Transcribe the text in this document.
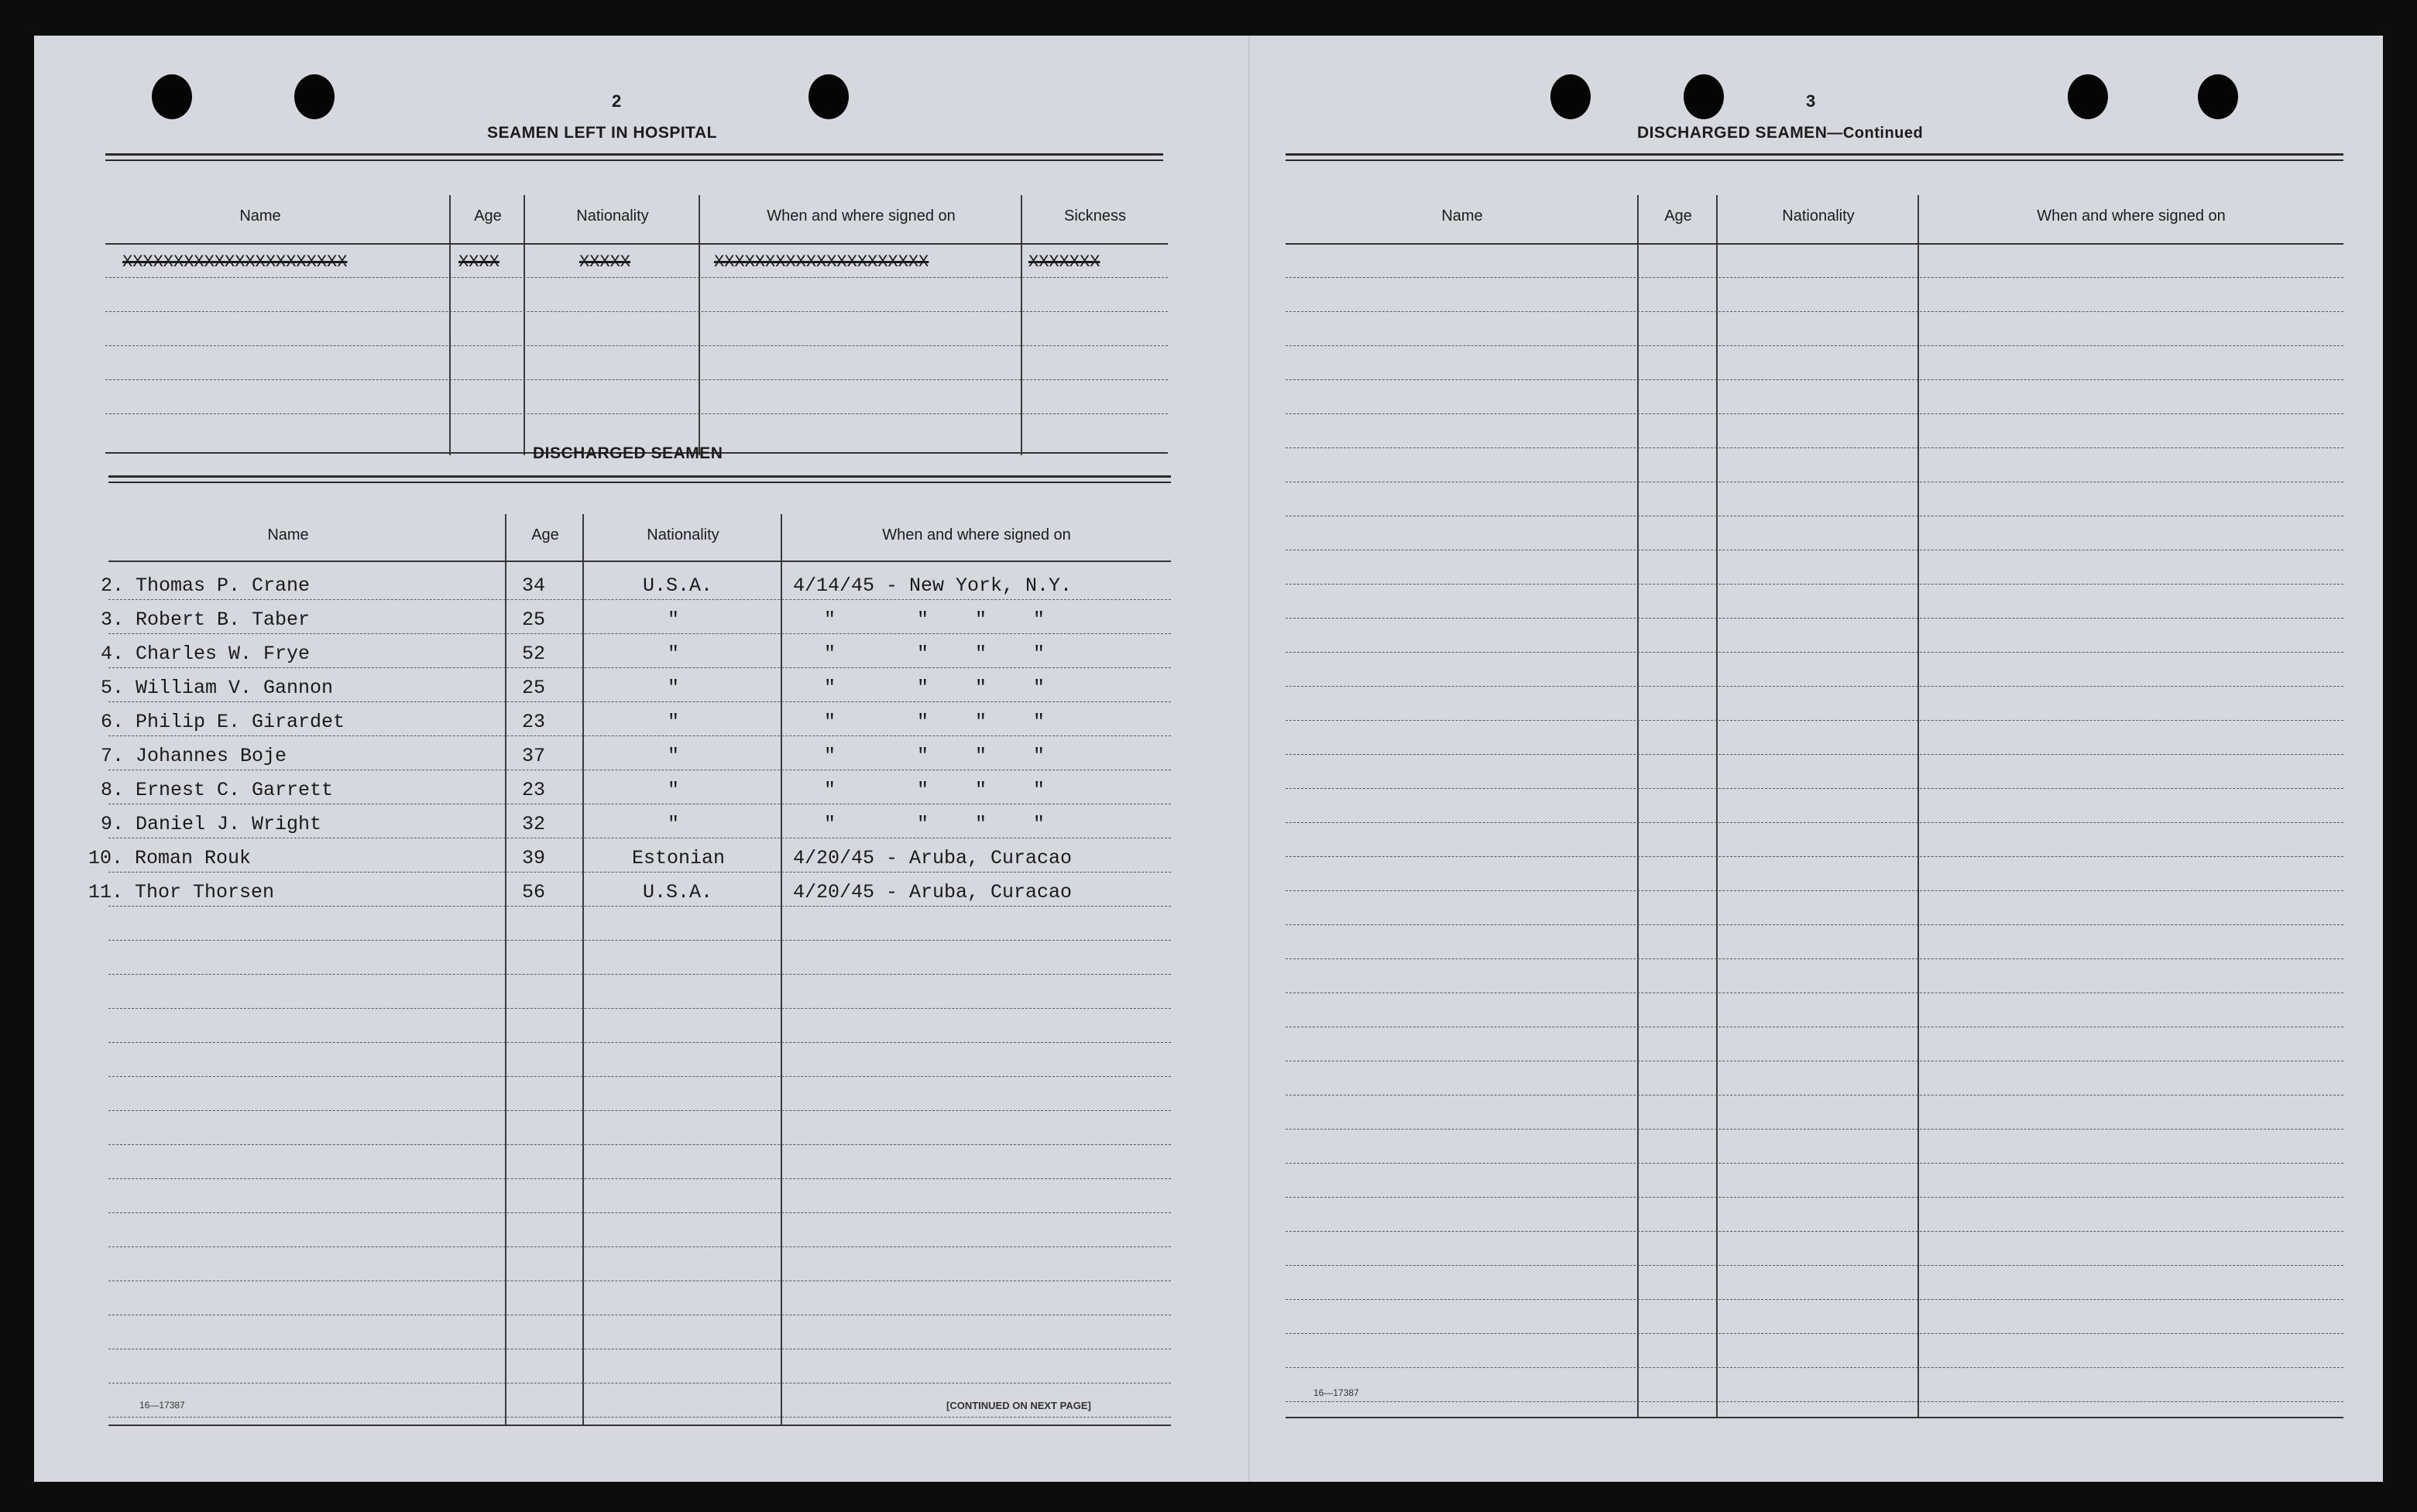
2
SEAMEN LEFT IN HOSPITAL
Name	Age	Nationality	When and where signed on	Sickness
XXXXXXXXXXXXXXXXXXXXXX	XXXX	XXXXX	XXXXXXXXXXXXXXXXXXXXX	XXXXXXX
DISCHARGED SEAMEN
Name	Age	Nationality	When and where signed on
2. Thomas P. Crane	34	U.S.A.	4/14/45 - New York, N.Y.
3. Robert B. Taber	25	"	"       "    "    "
4. Charles W. Frye	52	"	"       "    "    "
5. William V. Gannon	25	"	"       "    "    "
6. Philip E. Girardet	23	"	"       "    "    "
7. Johannes Boje	37	"	"       "    "    "
8. Ernest C. Garrett	23	"	"       "    "    "
9. Daniel J. Wright	32	"	"       "    "    "
10. Roman Rouk	39	Estonian	4/20/45 - Aruba, Curacao
11. Thor Thorsen	56	U.S.A.	4/20/45 - Aruba, Curacao
16—17387	[CONTINUED ON NEXT PAGE]
3
DISCHARGED SEAMEN—Continued
Name	Age	Nationality	When and where signed on
16—17387
